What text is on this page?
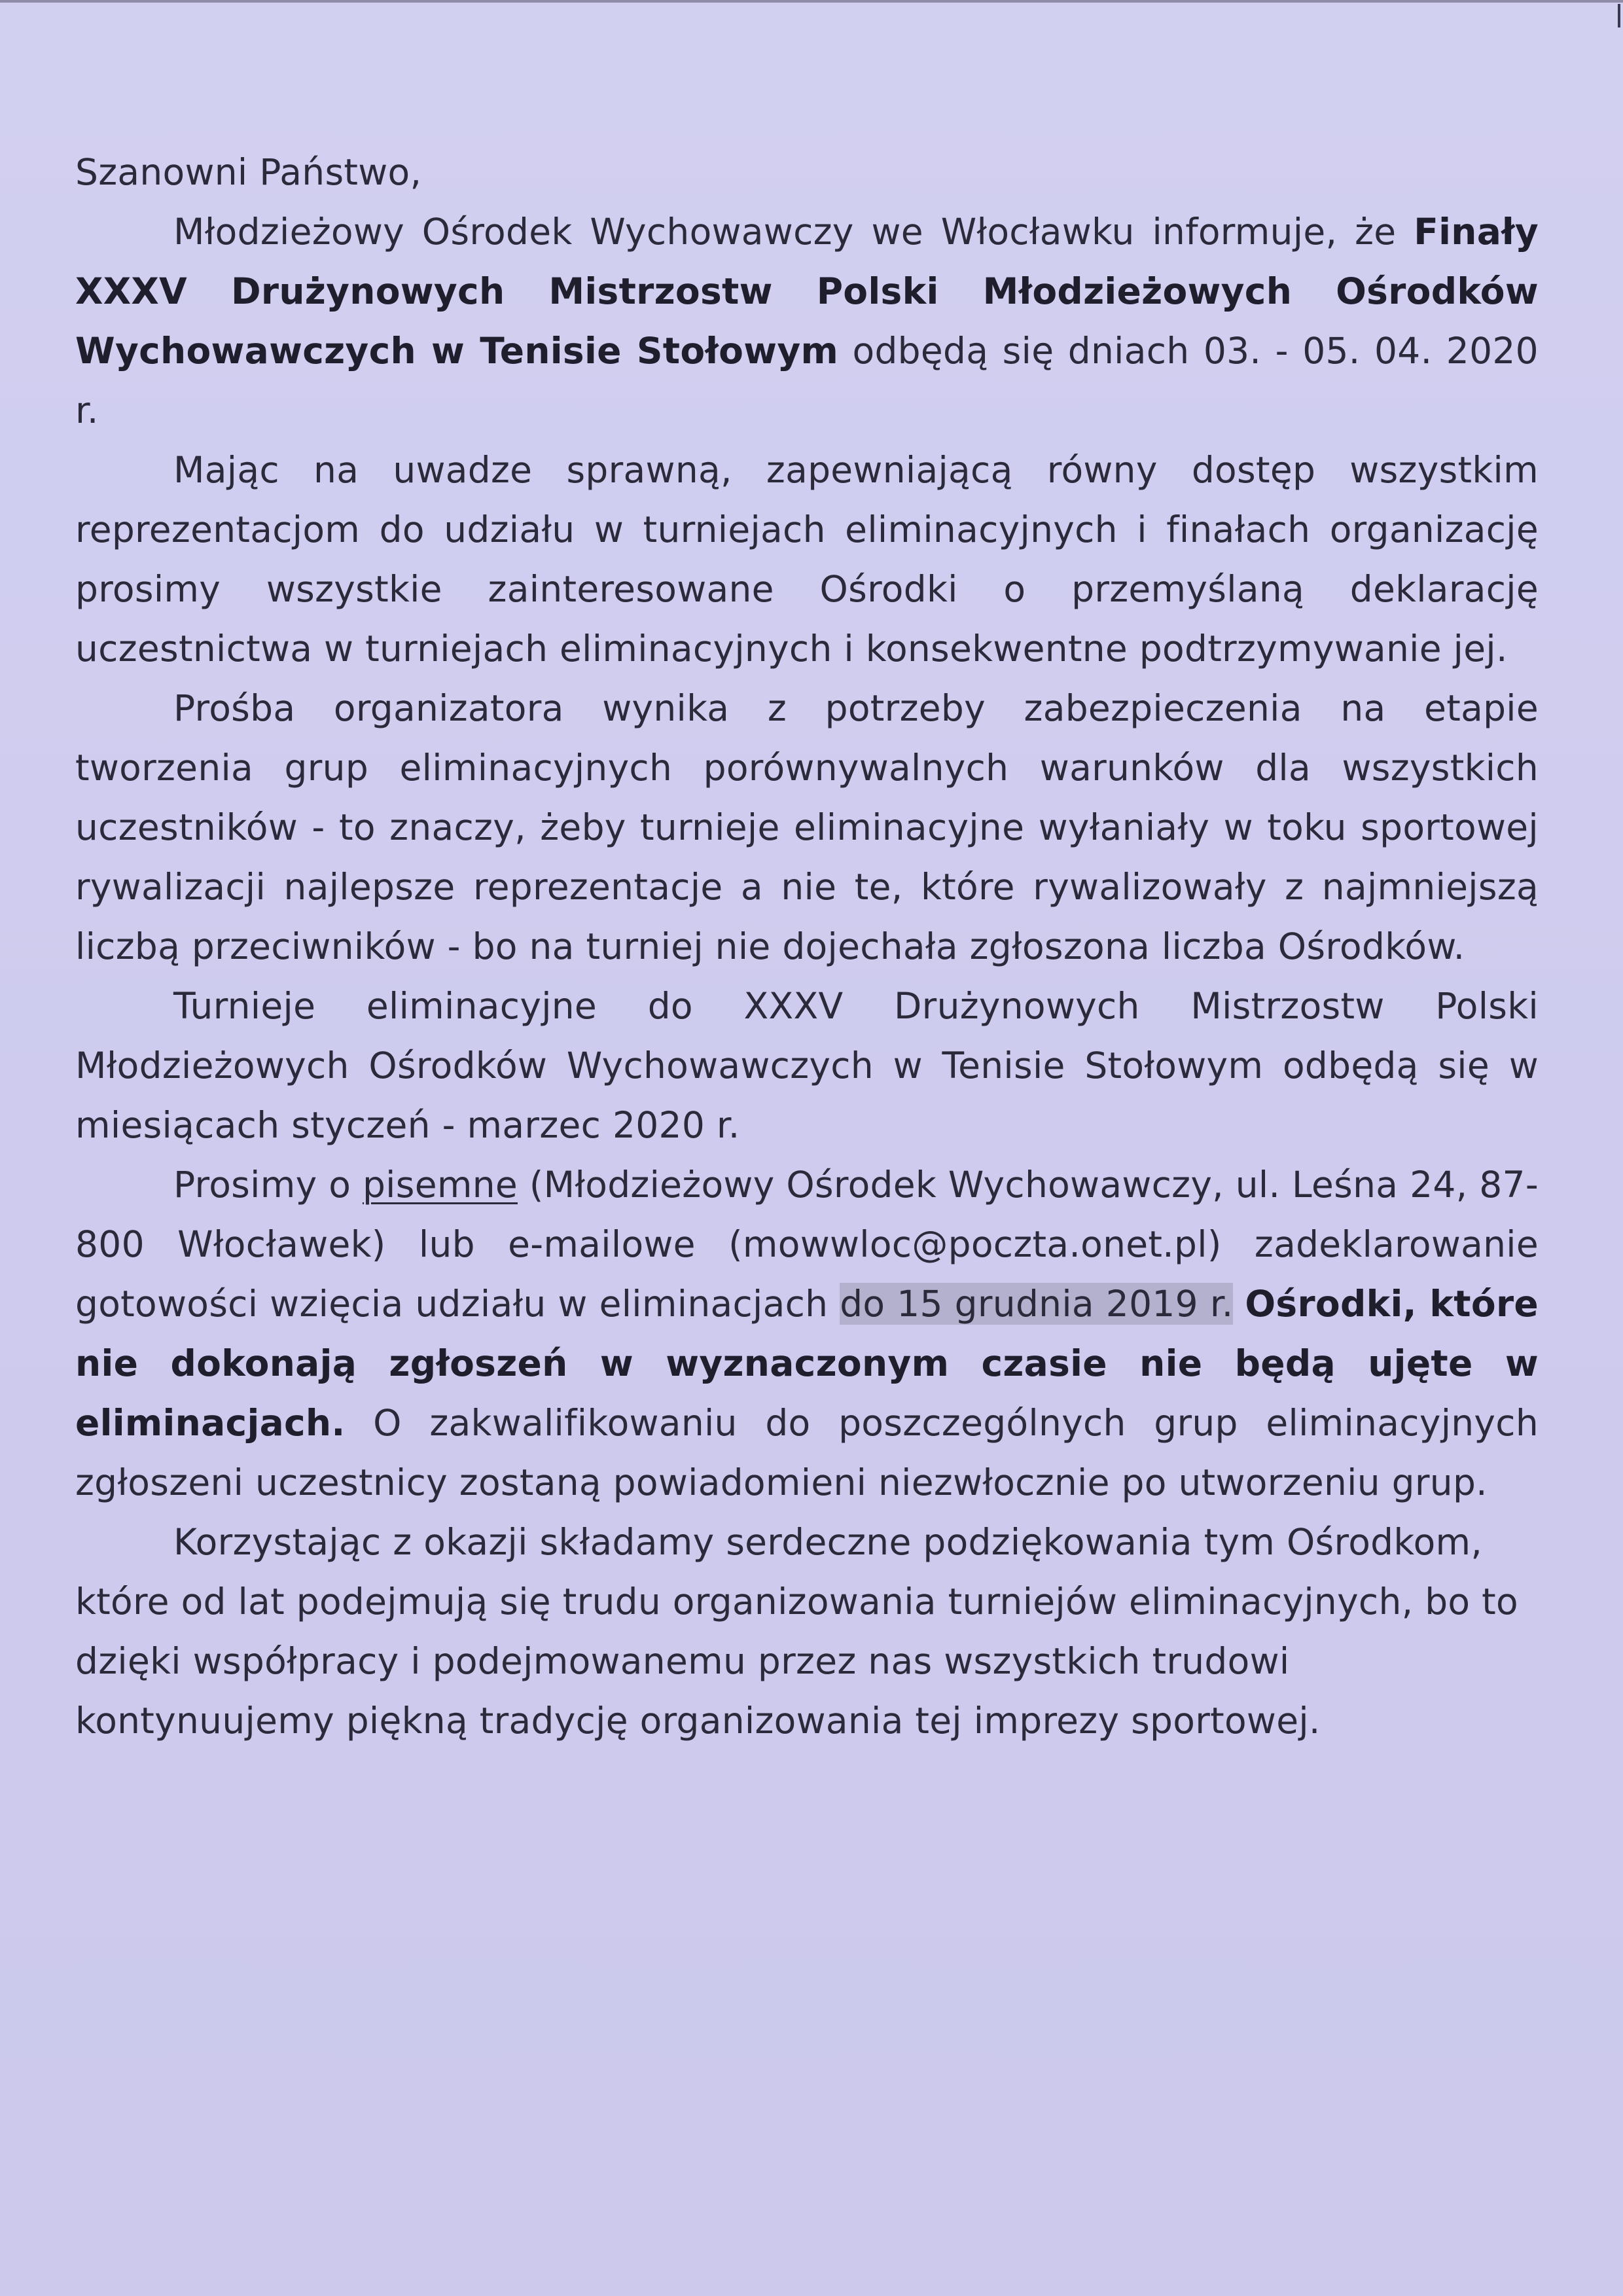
Szanowni Państwo,

Młodzieżowy Ośrodek Wychowawczy we Włocławku informuje, że Finały XXXV Drużynowych Mistrzostw Polski Młodzieżowych Ośrodków Wychowawczych w Tenisie Stołowym odbędą się dniach 03. - 05. 04. 2020 r.

Mając na uwadze sprawną, zapewniającą równy dostęp wszystkim reprezentacjom do udziału w turniejach eliminacyjnych i finałach organizację prosimy wszystkie zainteresowane Ośrodki o przemyślaną deklarację uczestnictwa w turniejach eliminacyjnych i konsekwentne podtrzymywanie jej.

Prośba organizatora wynika z potrzeby zabezpieczenia na etapie tworzenia grup eliminacyjnych porównywalnych warunków dla wszystkich uczestników - to znaczy, żeby turnieje eliminacyjne wyłaniały w toku sportowej rywalizacji najlepsze reprezentacje a nie te, które rywalizowały z najmniejszą liczbą przeciwników - bo na turniej nie dojechała zgłoszona liczba Ośrodków.

Turnieje eliminacyjne do XXXV Drużynowych Mistrzostw Polski Młodzieżowych Ośrodków Wychowawczych w Tenisie Stołowym odbędą się w miesiącach styczeń - marzec 2020 r.

Prosimy o pisemne (Młodzieżowy Ośrodek Wychowawczy, ul. Leśna 24, 87-800 Włocławek) lub e-mailowe (mowwloc@poczta.onet.pl) zadeklarowanie gotowości wzięcia udziału w eliminacjach do 15 grudnia 2019 r. Ośrodki, które nie dokonają zgłoszeń w wyznaczonym czasie nie będą ujęte w eliminacjach. O zakwalifikowaniu do poszczególnych grup eliminacyjnych zgłoszeni uczestnicy zostaną powiadomieni niezwłocznie po utworzeniu grup.

Korzystając z okazji składamy serdeczne podziękowania tym Ośrodkom, które od lat podejmują się trudu organizowania turniejów eliminacyjnych, bo to dzięki współpracy i podejmowanemu przez nas wszystkich trudowi kontynuujemy piękną tradycję organizowania tej imprezy sportowej.
